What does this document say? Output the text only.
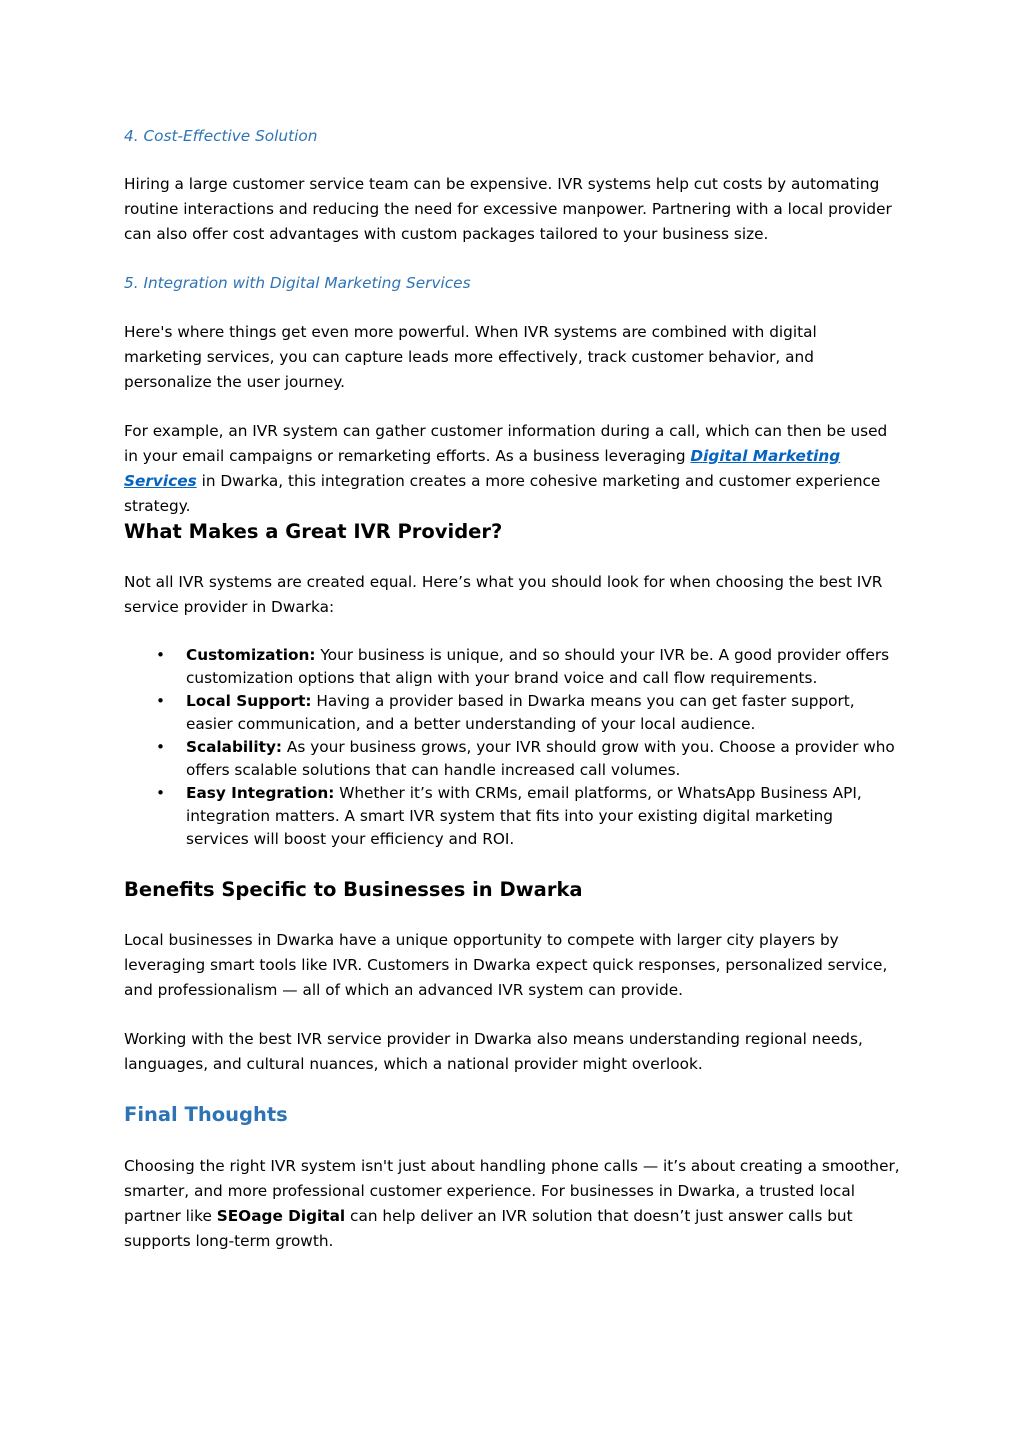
4. Cost-Effective Solution

Hiring a large customer service team can be expensive. IVR systems help cut costs by automating routine interactions and reducing the need for excessive manpower. Partnering with a local provider can also offer cost advantages with custom packages tailored to your business size.

5. Integration with Digital Marketing Services

Here's where things get even more powerful. When IVR systems are combined with digital marketing services, you can capture leads more effectively, track customer behavior, and personalize the user journey.

For example, an IVR system can gather customer information during a call, which can then be used in your email campaigns or remarketing efforts. As a business leveraging Digital Marketing Services in Dwarka, this integration creates a more cohesive marketing and customer experience strategy.

What Makes a Great IVR Provider?

Not all IVR systems are created equal. Here’s what you should look for when choosing the best IVR service provider in Dwarka:

• Customization: Your business is unique, and so should your IVR be. A good provider offers customization options that align with your brand voice and call flow requirements.
• Local Support: Having a provider based in Dwarka means you can get faster support, easier communication, and a better understanding of your local audience.
• Scalability: As your business grows, your IVR should grow with you. Choose a provider who offers scalable solutions that can handle increased call volumes.
• Easy Integration: Whether it’s with CRMs, email platforms, or WhatsApp Business API, integration matters. A smart IVR system that fits into your existing digital marketing services will boost your efficiency and ROI.
Benefits Specific to Businesses in Dwarka

Local businesses in Dwarka have a unique opportunity to compete with larger city players by leveraging smart tools like IVR. Customers in Dwarka expect quick responses, personalized service, and professionalism — all of which an advanced IVR system can provide.

Working with the best IVR service provider in Dwarka also means understanding regional needs, languages, and cultural nuances, which a national provider might overlook.

Final Thoughts

Choosing the right IVR system isn't just about handling phone calls — it’s about creating a smoother, smarter, and more professional customer experience. For businesses in Dwarka, a trusted local partner like SEOage Digital can help deliver an IVR solution that doesn’t just answer calls but supports long-term growth.
